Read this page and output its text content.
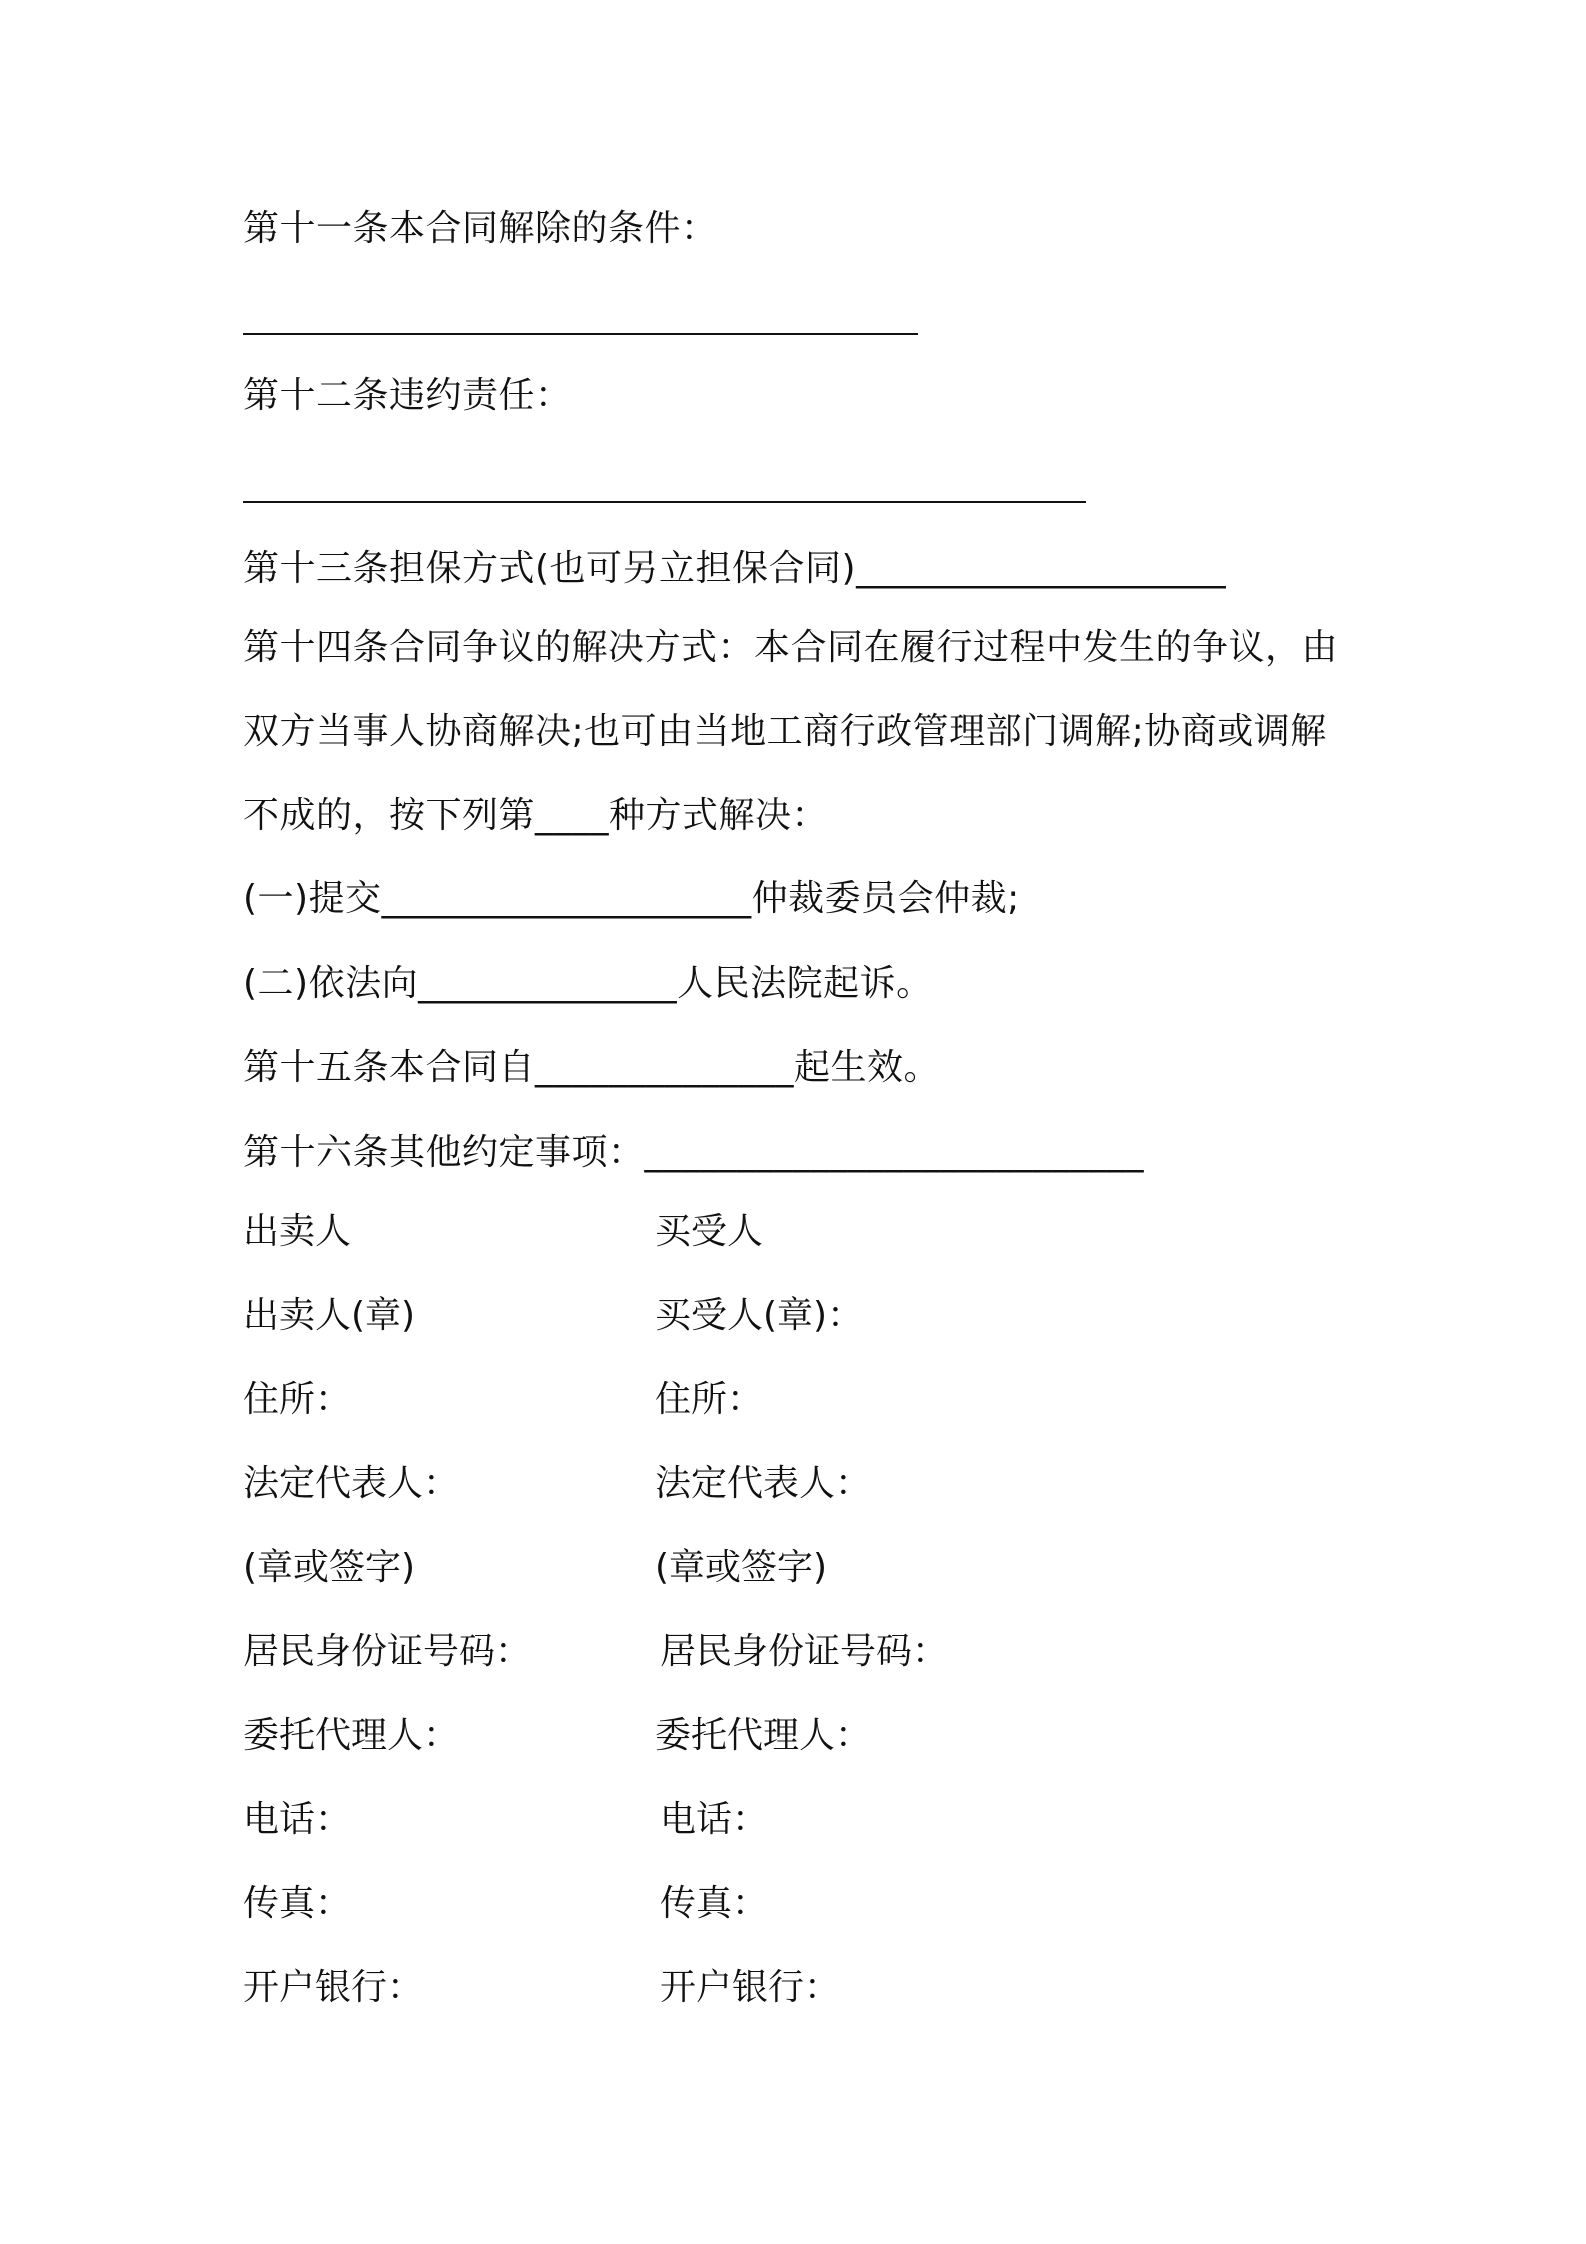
第十一条本合同解除的条件：
第十二条违约责任：
第十三条担保方式(也可另立担保合同)____________________
第十四条合同争议的解决方式：本合同在履行过程中发生的争议，由
双方当事人协商解决;也可由当地工商行政管理部门调解;协商或调解
不成的，按下列第____种方式解决：
(一)提交____________________仲裁委员会仲裁;
(二)依法向______________人民法院起诉。
第十五条本合同自______________起生效。
第十六条其他约定事项：___________________________
出卖人	买受人
出卖人(章)	买受人(章)：
住所：	住所：
法定代表人：	法定代表人：
(章或签字)	(章或签字)
居民身份证号码：	居民身份证号码：
委托代理人：	委托代理人：
电话：	电话：
传真：	传真：
开户银行：	开户银行：
